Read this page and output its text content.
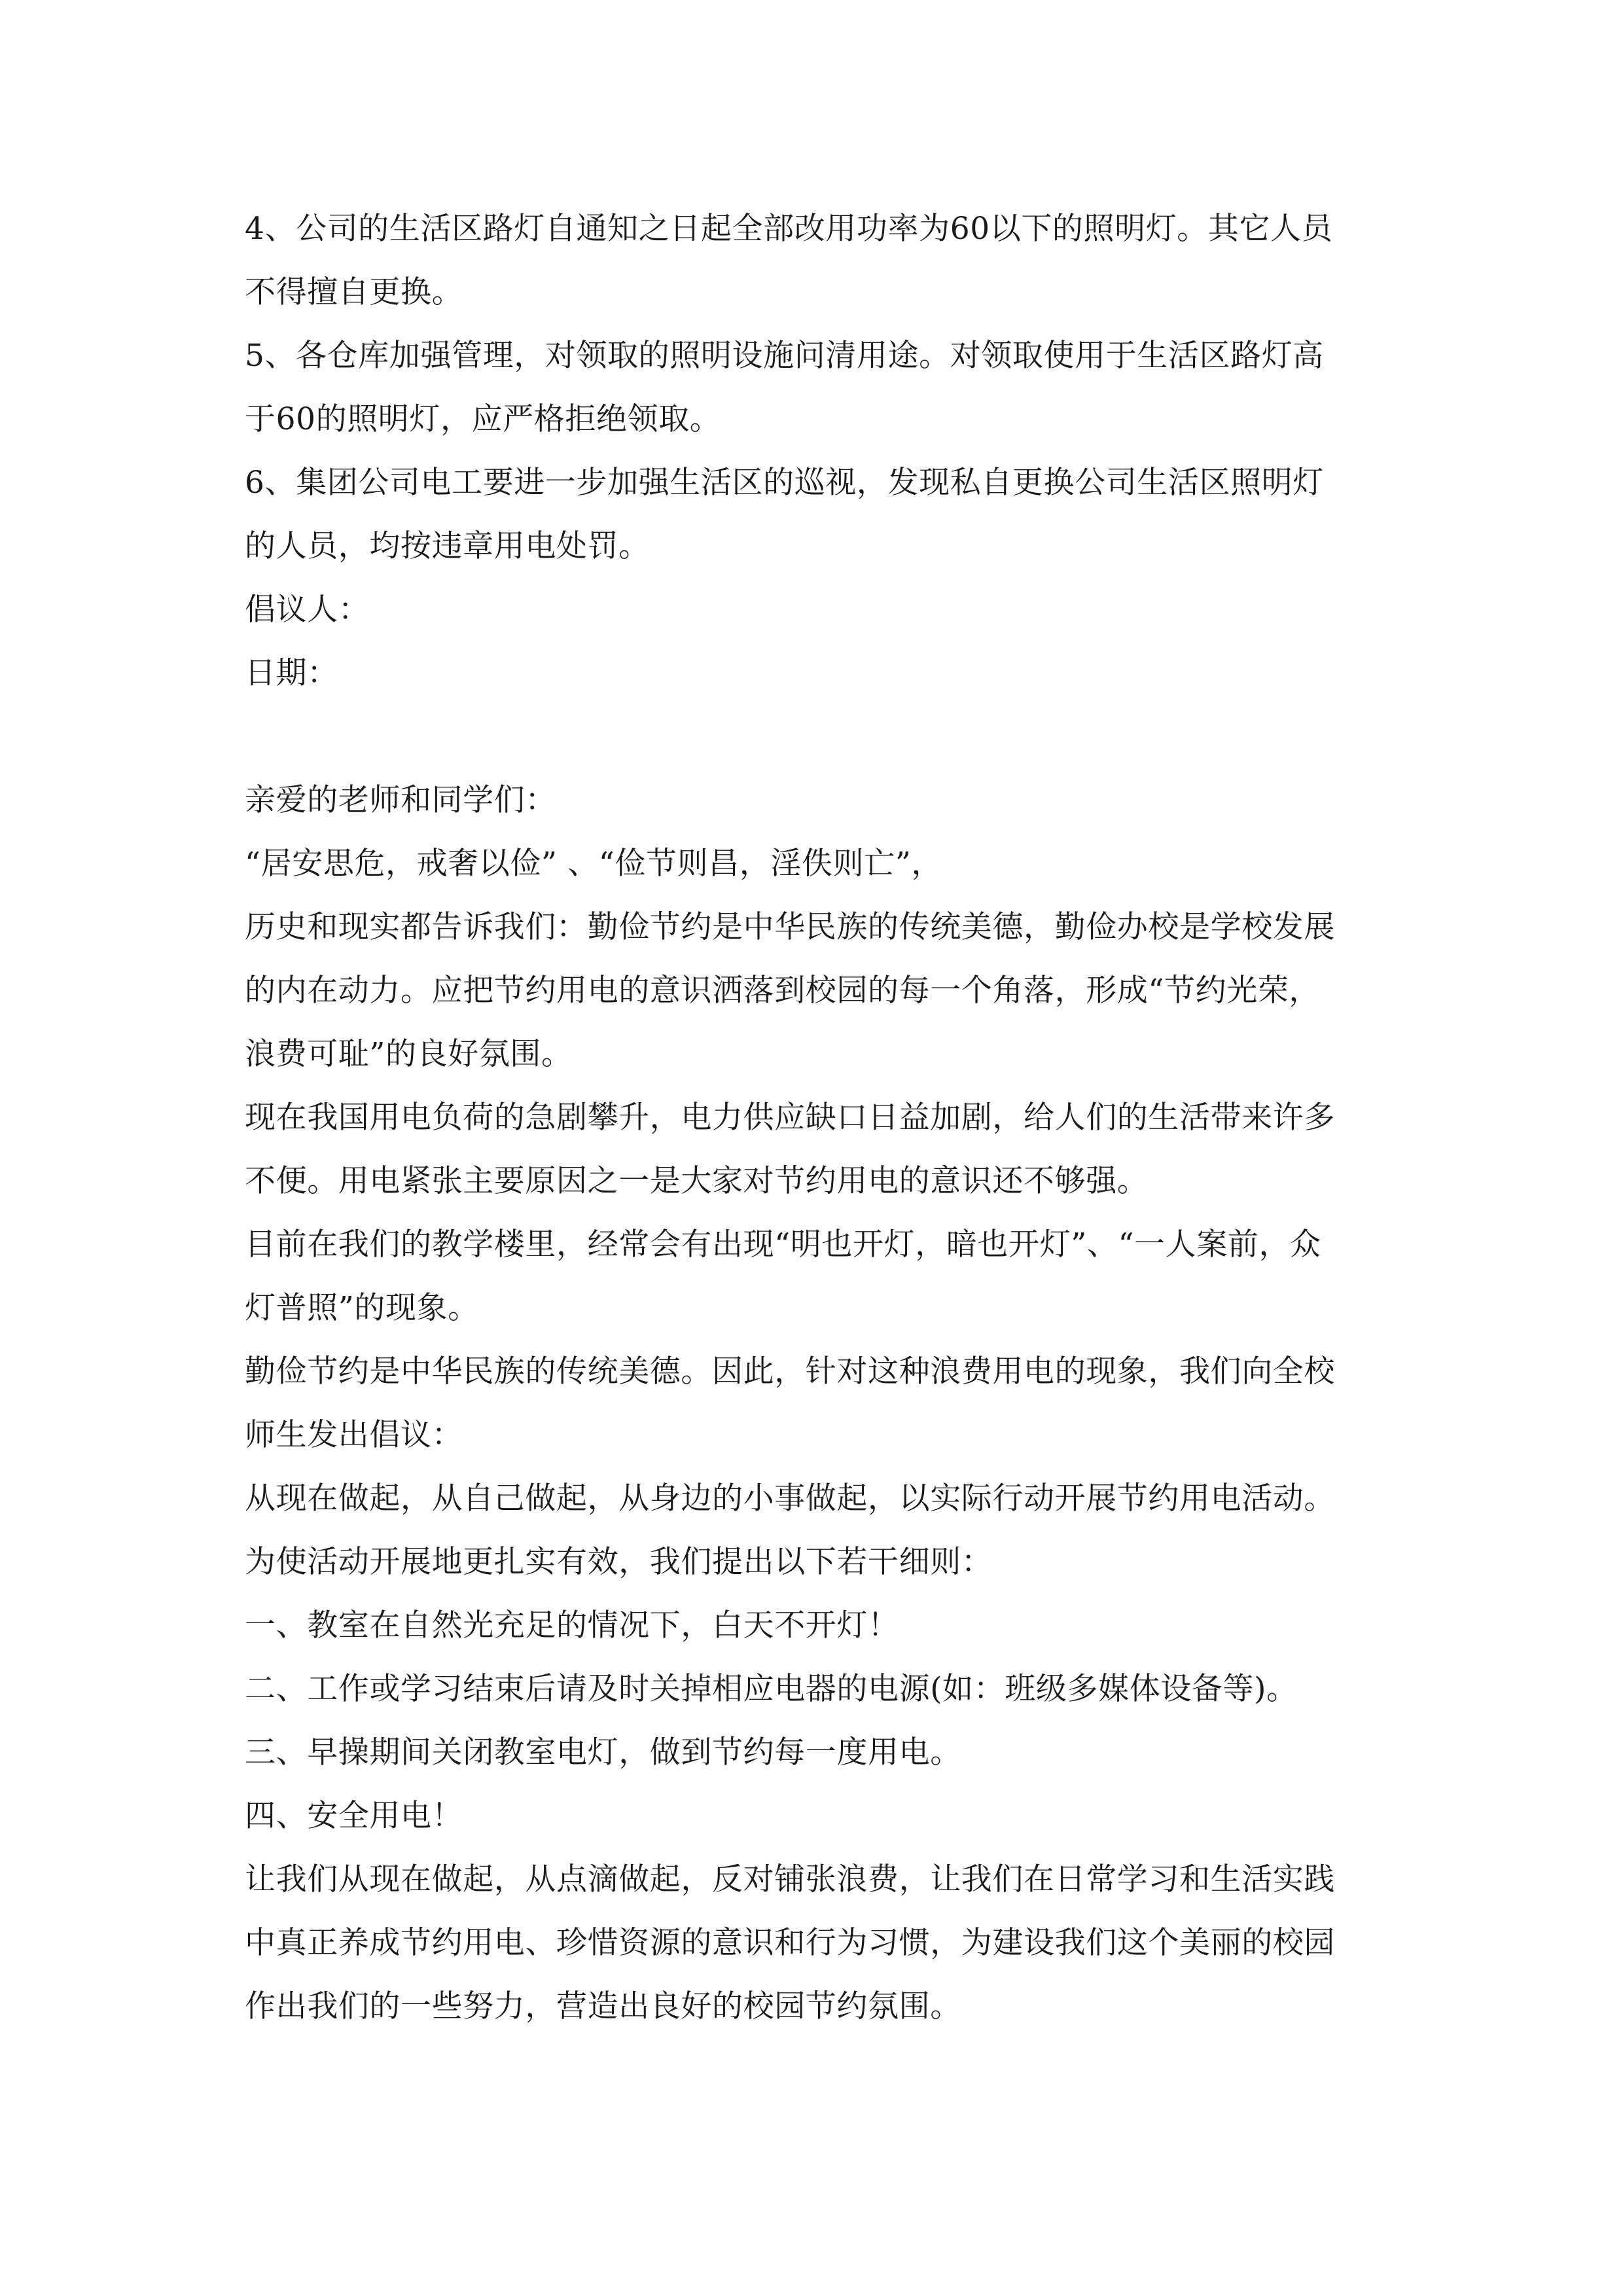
4、公司的生活区路灯自通知之日起全部改用功率为60以下的照明灯。其它人员
不得擅自更换。
5、各仓库加强管理，对领取的照明设施问清用途。对领取使用于生活区路灯高
于60的照明灯，应严格拒绝领取。
6、集团公司电工要进一步加强生活区的巡视，发现私自更换公司生活区照明灯
的人员，均按违章用电处罚。
倡议人：
日期：
亲爱的老师和同学们：
“居安思危，戒奢以俭” 、“俭节则昌，淫佚则亡”，
历史和现实都告诉我们：勤俭节约是中华民族的传统美德，勤俭办校是学校发展
的内在动力。应把节约用电的意识洒落到校园的每一个角落，形成“节约光荣，
浪费可耻”的良好氛围。
现在我国用电负荷的急剧攀升，电力供应缺口日益加剧，给人们的生活带来许多
不便。用电紧张主要原因之一是大家对节约用电的意识还不够强。
目前在我们的教学楼里，经常会有出现“明也开灯，暗也开灯”、“一人案前，众
灯普照”的现象。
勤俭节约是中华民族的传统美德。因此，针对这种浪费用电的现象，我们向全校
师生发出倡议：
从现在做起，从自己做起，从身边的小事做起，以实际行动开展节约用电活动。
为使活动开展地更扎实有效，我们提出以下若干细则：
一、教室在自然光充足的情况下，白天不开灯！
二、工作或学习结束后请及时关掉相应电器的电源(如：班级多媒体设备等)。
三、早操期间关闭教室电灯，做到节约每一度用电。
四、安全用电！
让我们从现在做起，从点滴做起，反对铺张浪费，让我们在日常学习和生活实践
中真正养成节约用电、珍惜资源的意识和行为习惯，为建设我们这个美丽的校园
作出我们的一些努力，营造出良好的校园节约氛围。
